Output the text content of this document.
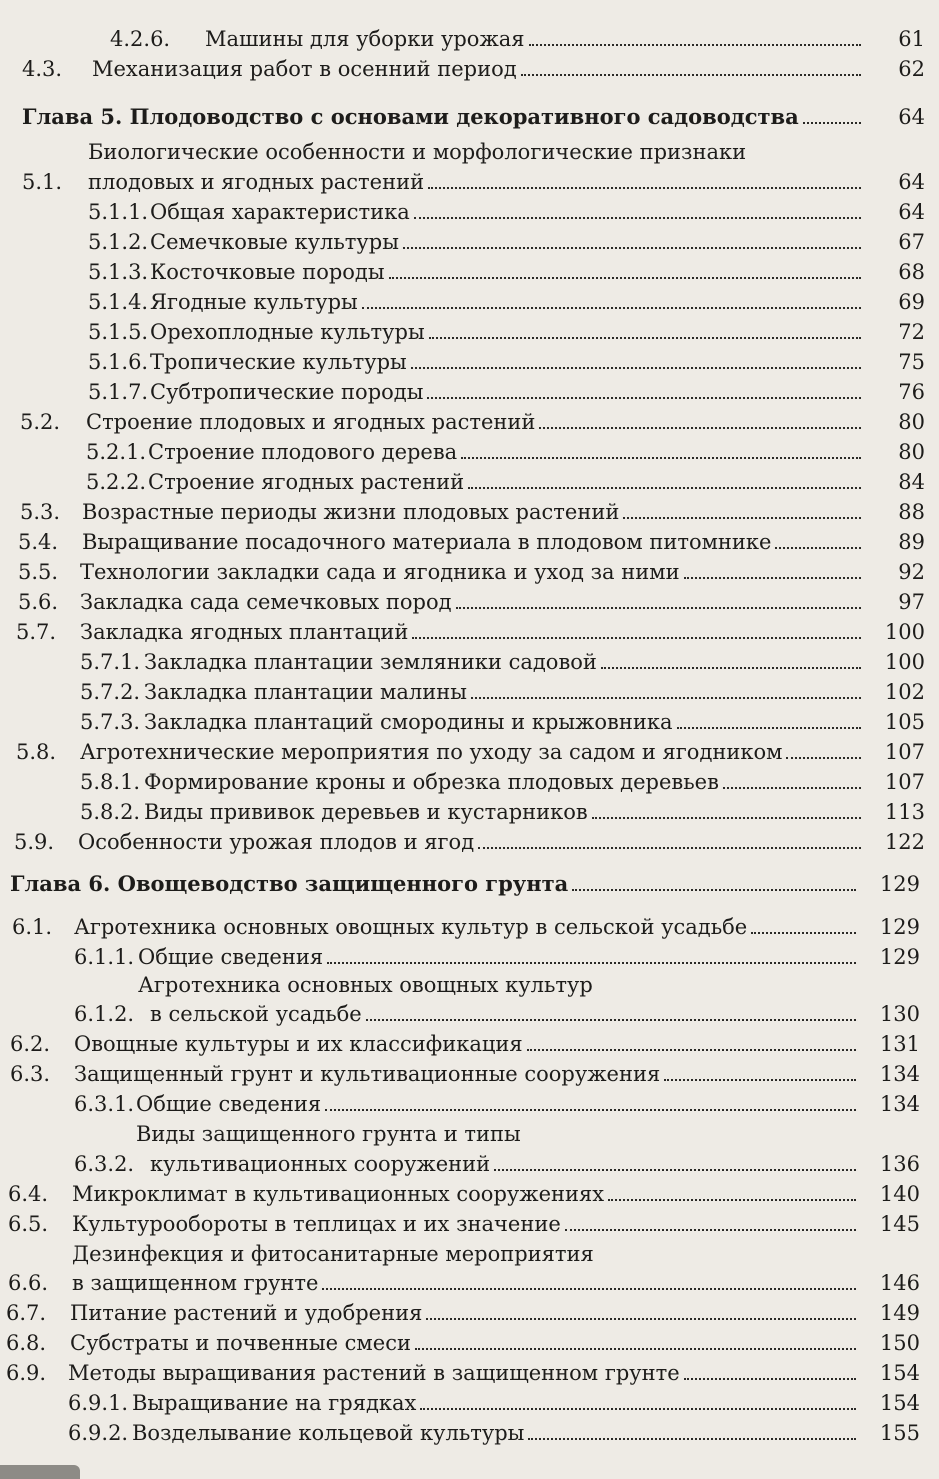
4.2.6. Машины для уборки урожая	61
4.3. Механизация работ в осенний период	62
Глава 5. Плодоводство с основами декоративного садоводства	64
Биологические особенности и морфологические признаки
5.1. плодовых и ягодных растений	64
5.1.1. Общая характеристика	64
5.1.2. Семечковые культуры	67
5.1.3. Косточковые породы	68
5.1.4. Ягодные культуры	69
5.1.5. Орехоплодные культуры	72
5.1.6. Тропические культуры	75
5.1.7. Субтропические породы	76
5.2. Строение плодовых и ягодных растений	80
5.2.1. Строение плодового дерева	80
5.2.2. Строение ягодных растений	84
5.3. Возрастные периоды жизни плодовых растений	88
5.4. Выращивание посадочного материала в плодовом питомнике	89
5.5. Технологии закладки сада и ягодника и уход за ними	92
5.6. Закладка сада семечковых пород	97
5.7. Закладка ягодных плантаций	100
5.7.1. Закладка плантации земляники садовой	100
5.7.2. Закладка плантации малины	102
5.7.3. Закладка плантаций смородины и крыжовника	105
5.8. Агротехнические мероприятия по уходу за садом и ягодником	107
5.8.1. Формирование кроны и обрезка плодовых деревьев	107
5.8.2. Виды прививок деревьев и кустарников	113
5.9. Особенности урожая плодов и ягод	122
Глава 6. Овощеводство защищенного грунта	129
6.1. Агротехника основных овощных культур в сельской усадьбе	129
6.1.1. Общие сведения	129
Агротехника основных овощных культур
6.1.2. в сельской усадьбе	130
6.2. Овощные культуры и их классификация	131
6.3. Защищенный грунт и культивационные сооружения	134
6.3.1. Общие сведения	134
Виды защищенного грунта и типы
6.3.2. культивационных сооружений	136
6.4. Микроклимат в культивационных сооружениях	140
6.5. Культурообороты в теплицах и их значение	145
Дезинфекция и фитосанитарные мероприятия
6.6. в защищенном грунте	146
6.7. Питание растений и удобрения	149
6.8. Субстраты и почвенные смеси	150
6.9. Методы выращивания растений в защищенном грунте	154
6.9.1. Выращивание на грядках	154
6.9.2. Возделывание кольцевой культуры	155
